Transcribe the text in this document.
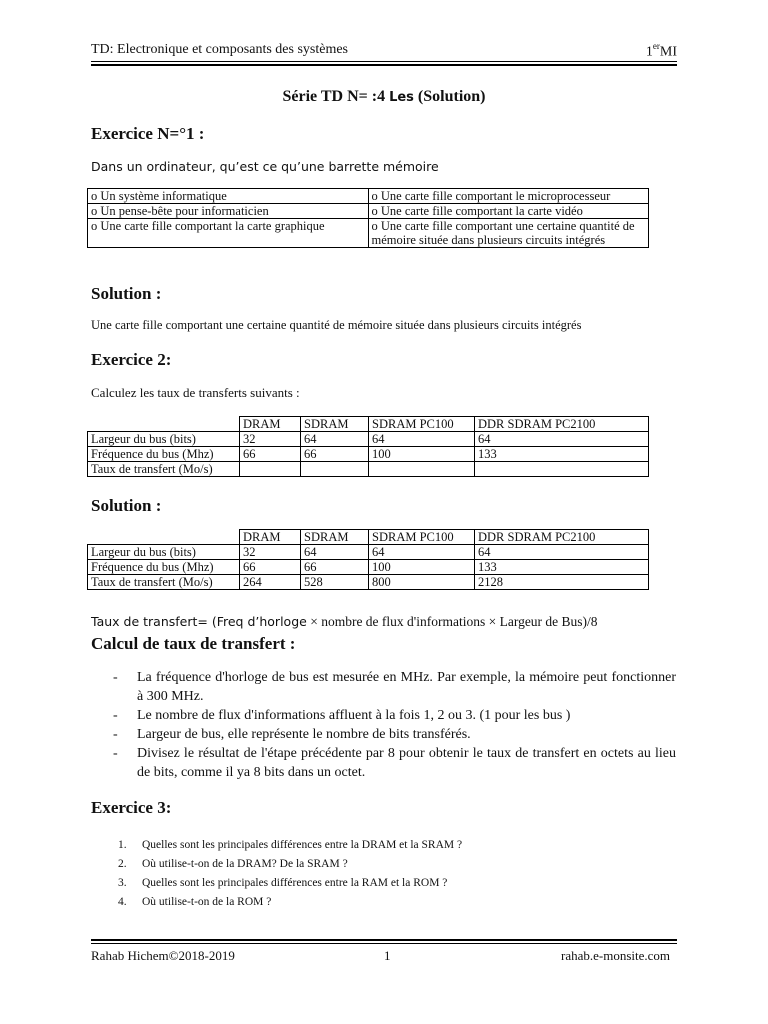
TD: Electronique et composants des systèmes	1erMI
Série TD N= :4 Les (Solution)
Exercice N=°1 :
Dans un ordinateur, qu’est ce qu’une barrette mémoire
o Un système informatique	o Une carte fille comportant le microprocesseur
o Un pense-bête pour informaticien	o Une carte fille comportant la carte vidéo

o Une carte fille comportant la carte graphique	o Une carte fille comportant une certaine quantité de mémoire située dans plusieurs circuits intégrés
Solution :
Une carte fille comportant une certaine quantité de mémoire située dans plusieurs circuits intégrés
Exercice 2:
Calculez les taux de transferts suivants :
	DRAM	SDRAM	SDRAM PC100	DDR SDRAM PC2100
Largeur du bus (bits)	32	64	64	64
Fréquence du bus (Mhz)	66	66	100	133
Taux de transfert (Mo/s)				
Solution :
	DRAM	SDRAM	SDRAM PC100	DDR SDRAM PC2100
Largeur du bus (bits)	32	64	64	64
Fréquence du bus (Mhz)	66	66	100	133
Taux de transfert (Mo/s)	264	528	800	2128
Taux de transfert= (Freq d’horloge × nombre de flux d'informations × Largeur de Bus)/8
Calcul de taux de transfert :
- La fréquence d'horloge de bus est mesurée en MHz. Par exemple, la mémoire peut fonctionner à 300 MHz.
- Le nombre de flux d'informations affluent à la fois 1, 2 ou 3. (1 pour les bus )
- Largeur de bus, elle représente le nombre de bits transférés.
- Divisez le résultat de l'étape précédente par 8 pour obtenir le taux de transfert en octets au lieu de bits, comme il ya 8 bits dans un octet.
Exercice 3:
1. Quelles sont les principales différences entre la DRAM et la SRAM ?
2. Où utilise-t-on de la DRAM? De la SRAM ?
3. Quelles sont les principales différences entre la RAM et la ROM ?
4. Où utilise-t-on de la ROM ?
Rahab Hichem©2018-2019	1	rahab.e-monsite.com
